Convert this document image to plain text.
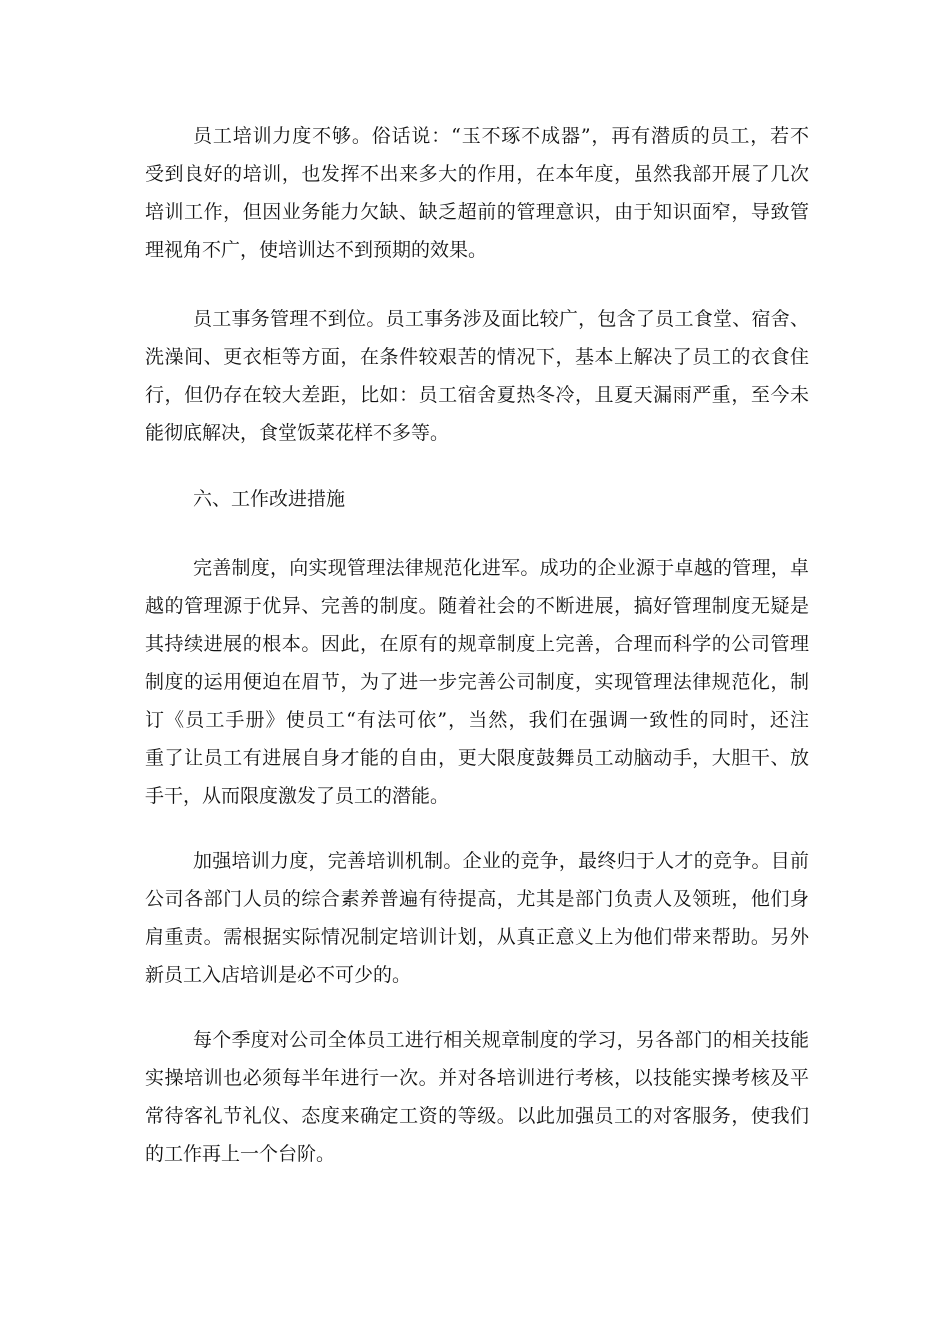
员工培训力度不够。俗话说：“玉不琢不成器”，再有潜质的员工，若不
受到良好的培训，也发挥不出来多大的作用，在本年度，虽然我部开展了几次
培训工作，但因业务能力欠缺、缺乏超前的管理意识，由于知识面窄，导致管
理视角不广，使培训达不到预期的效果。
员工事务管理不到位。员工事务涉及面比较广，包含了员工食堂、宿舍、
洗澡间、更衣柜等方面，在条件较艰苦的情况下，基本上解决了员工的衣食住
行，但仍存在较大差距，比如：员工宿舍夏热冬冷，且夏天漏雨严重，至今未
能彻底解决，食堂饭菜花样不多等。
六、工作改进措施
完善制度，向实现管理法律规范化进军。成功的企业源于卓越的管理，卓
越的管理源于优异、完善的制度。随着社会的不断进展，搞好管理制度无疑是
其持续进展的根本。因此，在原有的规章制度上完善，合理而科学的公司管理
制度的运用便迫在眉节，为了进一步完善公司制度，实现管理法律规范化，制
订《员工手册》使员工“有法可依”，当然，我们在强调一致性的同时，还注
重了让员工有进展自身才能的自由，更大限度鼓舞员工动脑动手，大胆干、放
手干，从而限度激发了员工的潜能。
加强培训力度，完善培训机制。企业的竞争，最终归于人才的竞争。目前
公司各部门人员的综合素养普遍有待提高，尤其是部门负责人及领班，他们身
肩重责。需根据实际情况制定培训计划，从真正意义上为他们带来帮助。另外
新员工入店培训是必不可少的。
每个季度对公司全体员工进行相关规章制度的学习，另各部门的相关技能
实操培训也必须每半年进行一次。并对各培训进行考核，以技能实操考核及平
常待客礼节礼仪、态度来确定工资的等级。以此加强员工的对客服务，使我们
的工作再上一个台阶。
